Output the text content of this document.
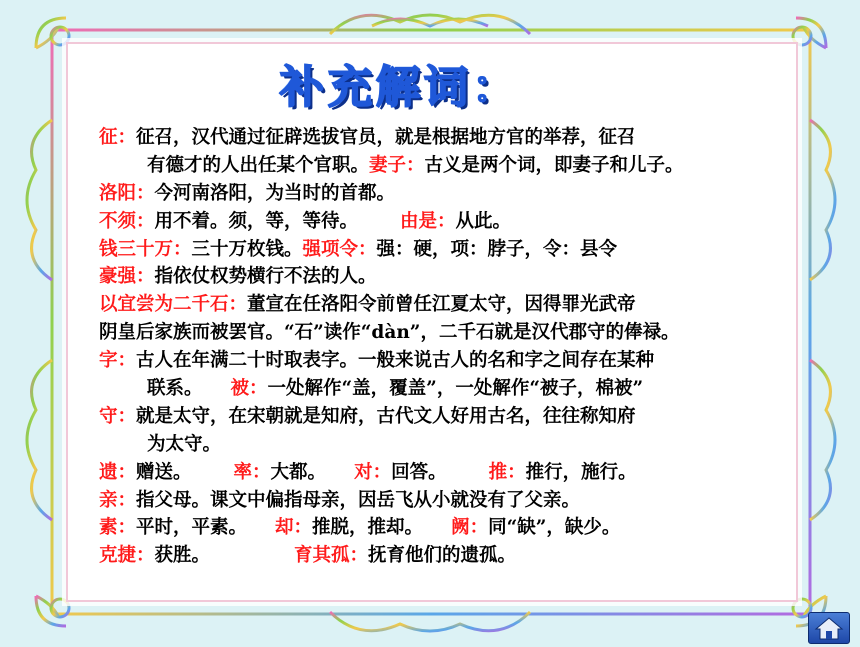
补充解词：
征：征召，汉代通过征辟选拔官员，就是根据地方官的举荐，征召
有德才的人出任某个官职。妻子：古义是两个词，即妻子和儿子。
洛阳：今河南洛阳，为当时的首都。
不须：用不着。须，等，等待。 由是：从此。
钱三十万：三十万枚钱。强项令：强：硬，项：脖子，令：县令
豪强：指依仗权势横行不法的人。
以宜尝为二千石：董宣在任洛阳令前曾任江夏太守，因得罪光武帝
阴皇后家族而被罢官。“石”读作“dàn”，二千石就是汉代郡守的俸禄。
字：古人在年满二十时取表字。一般来说古人的名和字之间存在某种
联系。 被：一处解作“盖，覆盖”，一处解作“被子，棉被”
守：就是太守，在宋朝就是知府，古代文人好用古名，往往称知府
为太守。
遗：赠送。 率：大都。 对：回答。 推：推行，施行。
亲：指父母。课文中偏指母亲，因岳飞从小就没有了父亲。
素：平时，平素。 却：推脱，推却。 阙：同“缺”，缺少。
克捷：获胜。	育其孤：抚育他们的遗孤。
